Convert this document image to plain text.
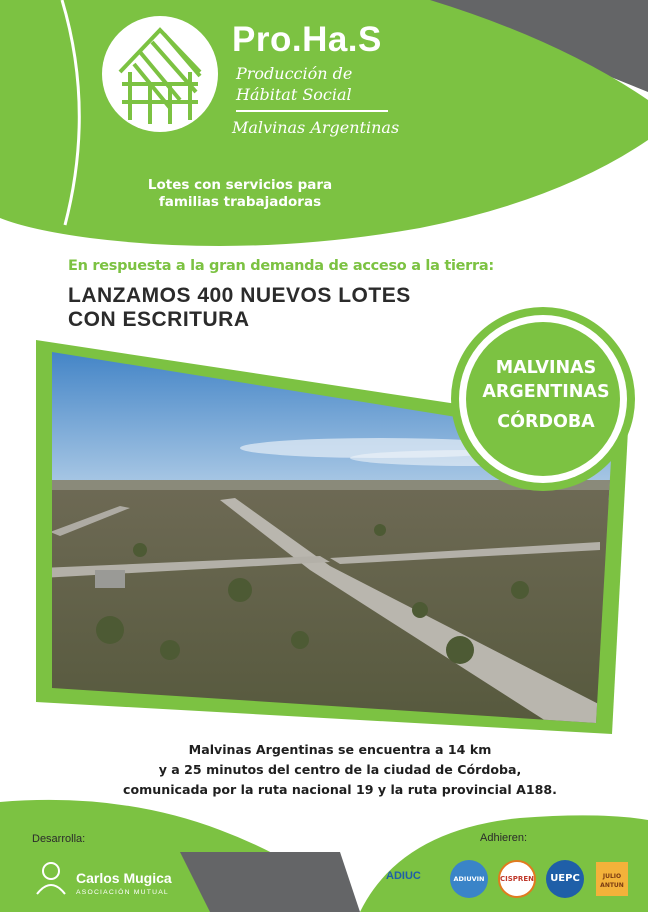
Pro.Ha.S
Producción de
Hábitat Social
Malvinas Argentinas
Lotes con servicios para
familias trabajadoras
En respuesta a la gran demanda de acceso a la tierra:
LANZAMOS 400 NUEVOS LOTES
CON ESCRITURA
MALVINAS
ARGENTINAS
CÓRDOBA
Malvinas Argentinas se encuentra a 14 km
y a 25 minutos del centro de la ciudad de Córdoba,
comunicada por la ruta nacional 19 y la ruta provincial A188.
Desarrolla:
Carlos Mugica
ASOCIACIÓN MUTUAL
Adhieren:
ADIUC	ADIUVIN	CISPREN	UEPC	JULIO ANTUN
